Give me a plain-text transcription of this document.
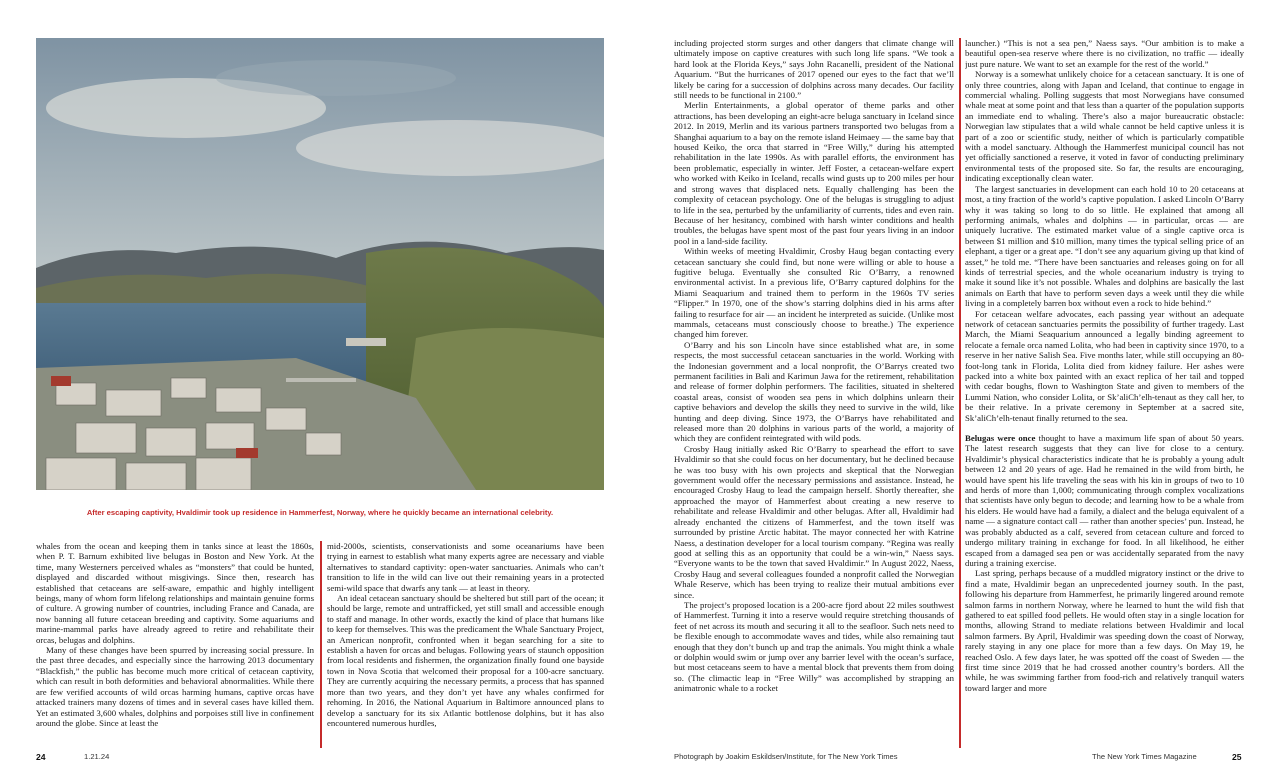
After escaping captivity, Hvaldimir took up residence in Hammerfest, Norway, where he quickly became an international celebrity.

whales from the ocean and keeping them in tanks since at least the 1860s, when P. T. Barnum exhibited live belugas in Boston and New York. At the time, many Westerners perceived whales as “monsters” that could be hunted, displayed and discarded without misgivings. Since then, research has established that cetaceans are self-aware, empathic and highly intelligent beings, many of whom form lifelong relationships and maintain genuine forms of culture. A growing number of countries, including France and Canada, are now banning all future cetacean breeding and captivity. Some aquariums and marine-mammal parks have already agreed to retire and rehabilitate their orcas, belugas and dolphins.

Many of these changes have been spurred by increasing social pressure. In the past three decades, and especially since the harrowing 2013 documentary “Blackfish,” the public has become much more critical of cetacean captivity, which can result in both deformities and behavioral abnormalities. While there are few verified accounts of wild orcas harming humans, captive orcas have attacked trainers many dozens of times and in several cases have killed them. Yet an estimated 3,600 whales, dolphins and porpoises still live in confinement around the globe. Since at least the

mid-2000s, scientists, conservationists and some oceanariums have been trying in earnest to establish what many experts agree are necessary and viable alternatives to standard captivity: open-water sanctuaries. Animals who can’t transition to life in the wild can live out their remaining years in a protected semi-wild space that dwarfs any tank — at least in theory.

An ideal cetacean sanctuary should be sheltered but still part of the ocean; it should be large, remote and untrafficked, yet still small and accessible enough to staff and manage. In other words, exactly the kind of place that humans like to keep for themselves. This was the predicament the Whale Sanctuary Project, an American nonprofit, confronted when it began searching for a site to establish a haven for orcas and belugas. Following years of staunch opposition from local residents and fishermen, the organization finally found one bayside town in Nova Scotia that welcomed their proposal for a 100-acre sanctuary. They are currently acquiring the necessary permits, a process that has spanned more than two years, and they don’t yet have any whales confirmed for rehoming. In 2016, the National Aquarium in Baltimore announced plans to develop a sanctuary for its six Atlantic bottlenose dolphins, but it has also encountered numerous hurdles,

including projected storm surges and other dangers that climate change will ultimately impose on captive creatures with such long life spans. “We took a hard look at the Florida Keys,” says John Racanelli, president of the National Aquarium. “But the hurricanes of 2017 opened our eyes to the fact that we’ll likely be caring for a succession of dolphins across many decades. Our facility still needs to be functional in 2100.”

Merlin Entertainments, a global operator of theme parks and other attractions, has been developing an eight-acre beluga sanctuary in Iceland since 2012. In 2019, Merlin and its various partners transported two belugas from a Shanghai aquarium to a bay on the remote island Heimaey — the same bay that housed Keiko, the orca that starred in “Free Willy,” during his attempted rehabilitation in the late 1990s. As with parallel efforts, the environment has been problematic, especially in winter. Jeff Foster, a cetacean-welfare expert who worked with Keiko in Iceland, recalls wind gusts up to 200 miles per hour and strong waves that displaced nets. Equally challenging has been the complexity of cetacean psychology. One of the belugas is struggling to adjust to life in the sea, perturbed by the unfamiliarity of currents, tides and even rain. Because of her hesitancy, combined with harsh winter conditions and health troubles, the belugas have spent most of the past four years living in an indoor pool in a land-side facility.

Within weeks of meeting Hvaldimir, Crosby Haug began contacting every cetacean sanctuary she could find, but none were willing or able to house a fugitive beluga. Eventually she consulted Ric O’Barry, a renowned environmental activist. In a previous life, O’Barry captured dolphins for the Miami Seaquarium and trained them to perform in the 1960s TV series “Flipper.” In 1970, one of the show’s starring dolphins died in his arms after failing to resurface for air — an incident he interpreted as suicide. (Unlike most mammals, cetaceans must consciously choose to breathe.) The experience changed him forever.

O’Barry and his son Lincoln have since established what are, in some respects, the most successful cetacean sanctuaries in the world. Working with the Indonesian government and a local nonprofit, the O’Barrys created two permanent facilities in Bali and Karimun Jawa for the retirement, rehabilitation and release of former dolphin performers. The facilities, situated in sheltered coastal areas, consist of wooden sea pens in which dolphins unlearn their captive behaviors and develop the skills they need to survive in the wild, like hunting and deep diving. Since 1973, the O’Barrys have rehabilitated and released more than 20 dolphins in various parts of the world, a majority of which they are confident reintegrated with wild pods.

Crosby Haug initially asked Ric O’Barry to spearhead the effort to save Hvaldimir so that she could focus on her documentary, but he declined because he was too busy with his own projects and skeptical that the Norwegian government would offer the necessary permissions and assistance. Instead, he encouraged Crosby Haug to lead the campaign herself. Shortly thereafter, she approached the mayor of Hammerfest about creating a new reserve to rehabilitate and release Hvaldimir and other belugas. After all, Hvaldimir had already enchanted the citizens of Hammerfest, and the town itself was surrounded by pristine Arctic habitat. The mayor connected her with Katrine Naess, a destination developer for a local tourism company. “Regina was really good at selling this as an opportunity that could be a win-win,” Naess says. “Everyone wants to be the town that saved Hvaldimir.” In August 2022, Naess, Crosby Haug and several colleagues founded a nonprofit called the Norwegian Whale Reserve, which has been trying to realize their mutual ambitions ever since.

The project’s proposed location is a 200-acre fjord about 22 miles southwest of Hammerfest. Turning it into a reserve would require stretching thousands of feet of net across its mouth and securing it all to the seafloor. Such nets need to be flexible enough to accommodate waves and tides, while also remaining taut enough that they don’t bunch up and trap the animals. You might think a whale or dolphin would swim or jump over any barrier level with the ocean’s surface, but most cetaceans seem to have a mental block that prevents them from doing so. (The climactic leap in “Free Willy” was accomplished by strapping an animatronic whale to a rocket

launcher.) “This is not a sea pen,” Naess says. “Our ambition is to make a beautiful open-sea reserve where there is no civilization, no traffic — ideally just pure nature. We want to set an example for the rest of the world.”

Norway is a somewhat unlikely choice for a cetacean sanctuary. It is one of only three countries, along with Japan and Iceland, that continue to engage in commercial whaling. Polling suggests that most Norwegians have consumed whale meat at some point and that less than a quarter of the population supports an immediate end to whaling. There’s also a major bureaucratic obstacle: Norwegian law stipulates that a wild whale cannot be held captive unless it is part of a zoo or scientific study, neither of which is particularly compatible with a model sanctuary. Although the Hammerfest municipal council has not yet officially sanctioned a reserve, it voted in favor of conducting preliminary environmental tests of the proposed site. So far, the results are encouraging, indicating exceptionally clean water.

The largest sanctuaries in development can each hold 10 to 20 cetaceans at most, a tiny fraction of the world’s captive population. I asked Lincoln O’Barry why it was taking so long to do so little. He explained that among all performing animals, whales and dolphins — in particular, orcas — are uniquely lucrative. The estimated market value of a single captive orca is between $1 million and $10 million, many times the typical selling price of an elephant, a tiger or a great ape. “I don’t see any aquarium giving up that kind of asset,” he told me. “There have been sanctuaries and releases going on for all kinds of terrestrial species, and the whole oceanarium industry is trying to make it sound like it’s not possible. Whales and dolphins are basically the last animals on Earth that have to perform seven days a week until they die while living in a completely barren box without even a rock to hide behind.”

For cetacean welfare advocates, each passing year without an adequate network of cetacean sanctuaries permits the possibility of further tragedy. Last March, the Miami Seaquarium announced a legally binding agreement to relocate a female orca named Lolita, who had been in captivity since 1970, to a reserve in her native Salish Sea. Five months later, while still occupying an 80-foot-long tank in Florida, Lolita died from kidney failure. Her ashes were packed into a white box painted with an exact replica of her tail and topped with cedar boughs, flown to Washington State and given to members of the Lummi Nation, who consider Lolita, or Sk’aliCh’elh-tenaut as they call her, to be their relative. In a private ceremony in September at a sacred site, Sk’aliCh’elh-tenaut finally returned to the sea.

Belugas were once thought to have a maximum life span of about 50 years. The latest research suggests that they can live for close to a century. Hvaldimir’s physical characteristics indicate that he is probably a young adult between 12 and 20 years of age. Had he remained in the wild from birth, he would have spent his life traveling the seas with his kin in groups of two to 10 and herds of more than 1,000; communicating through complex vocalizations that scientists have only begun to decode; and learning how to be a whale from his elders. He would have had a family, a dialect and the beluga equivalent of a name — a signature contact call — rather than another species’ pun. Instead, he was probably abducted as a calf, severed from cetacean culture and forced to undergo military training in exchange for food. In all likelihood, he either escaped from a damaged sea pen or was accidentally separated from the navy during a training exercise.

Last spring, perhaps because of a muddled migratory instinct or the drive to find a mate, Hvaldimir began an unprecedented journey south. In the past, following his departure from Hammerfest, he primarily lingered around remote salmon farms in northern Norway, where he learned to hunt the wild fish that gathered to eat spilled food pellets. He would often stay in a single location for months, allowing Strand to mediate relations between Hvaldimir and local salmon farmers. By April, Hvaldimir was speeding down the coast of Norway, rarely staying in any one place for more than a few days. On May 19, he reached Oslo. A few days later, he was spotted off the coast of Sweden — the first time since 2019 that he had crossed another country’s borders. All the while, he was swimming farther from food-rich and relatively tranquil waters toward larger and more

24	1.21.24	Photograph by Joakim Eskildsen/Institute, for The New York Times	The New York Times Magazine	25
